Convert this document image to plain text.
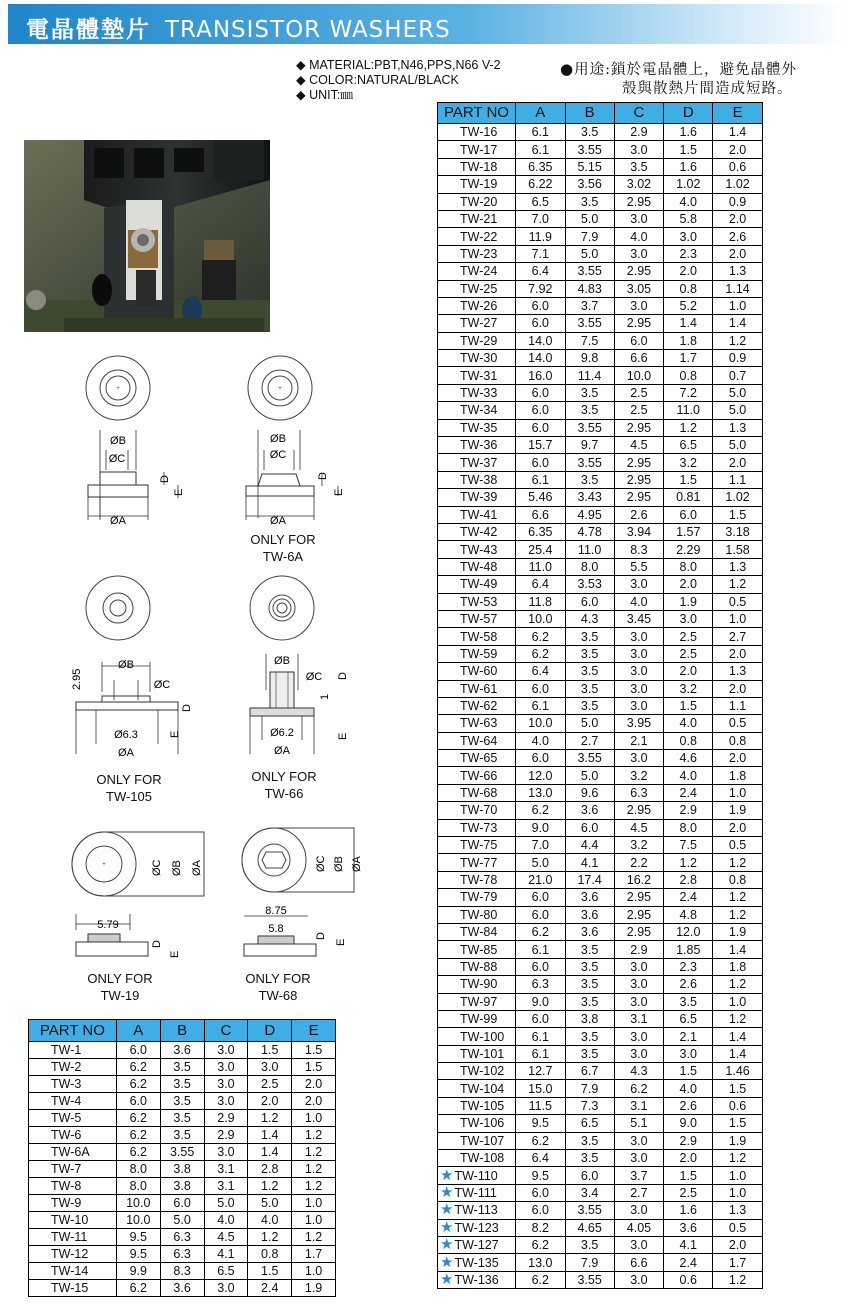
電晶體墊片 TRANSISTOR WASHERS
◆ MATERIAL:PBT,N46,PPS,N66 V-2
◆ COLOR:NATURAL/BLACK
◆ UNIT:㎜
●用途:鎖於電晶體上，避免晶體外
殼與散熱片間造成短路。
+
ØB
ØC
ØA
D
E
+
ØB
ØC
ØA
D
E
ONLY FOR
TW-6A
2.95
ØB
ØC
Ø6.3
ØA
D
E
ONLY FOR
TW-105
ØB
ØC
Ø6.2
ØA
D
1
E
ONLY FOR
TW-66
+	ØC ØB ØA
5.79
D
E
ONLY FOR
TW-19
ØC ØB ØA
8.75
5.8
D
E
ONLY FOR
TW-68
PART NO	A	B	C	D	E
TW-1	6.0	3.6	3.0	1.5	1.5
TW-2	6.2	3.5	3.0	3.0	1.5
TW-3	6.2	3.5	3.0	2.5	2.0
TW-4	6.0	3.5	3.0	2.0	2.0
TW-5	6.2	3.5	2.9	1.2	1.0
TW-6	6.2	3.5	2.9	1.4	1.2
TW-6A	6.2	3.55	3.0	1.4	1.2
TW-7	8.0	3.8	3.1	2.8	1.2
TW-8	8.0	3.8	3.1	1.2	1.2
TW-9	10.0	6.0	5.0	5.0	1.0
TW-10	10.0	5.0	4.0	4.0	1.0
TW-11	9.5	6.3	4.5	1.2	1.2
TW-12	9.5	6.3	4.1	0.8	1.7
TW-14	9.9	8.3	6.5	1.5	1.0
TW-15	6.2	3.6	3.0	2.4	1.9
PART NO	A	B	C	D	E
TW-16	6.1	3.5	2.9	1.6	1.4
TW-17	6.1	3.55	3.0	1.5	2.0
TW-18	6.35	5.15	3.5	1.6	0.6
TW-19	6.22	3.56	3.02	1.02	1.02
TW-20	6.5	3.5	2.95	4.0	0.9
TW-21	7.0	5.0	3.0	5.8	2.0
TW-22	11.9	7.9	4.0	3.0	2.6
TW-23	7.1	5.0	3.0	2.3	2.0
TW-24	6.4	3.55	2.95	2.0	1.3
TW-25	7.92	4.83	3.05	0.8	1.14
TW-26	6.0	3.7	3.0	5.2	1.0
TW-27	6.0	3.55	2.95	1.4	1.4
TW-29	14.0	7.5	6.0	1.8	1.2
TW-30	14.0	9.8	6.6	1.7	0.9
TW-31	16.0	11.4	10.0	0.8	0.7
TW-33	6.0	3.5	2.5	7.2	5.0
TW-34	6.0	3.5	2.5	11.0	5.0
TW-35	6.0	3.55	2.95	1.2	1.3
TW-36	15.7	9.7	4.5	6.5	5.0
TW-37	6.0	3.55	2.95	3.2	2.0
TW-38	6.1	3.5	2.95	1.5	1.1
TW-39	5.46	3.43	2.95	0.81	1.02
TW-41	6.6	4.95	2.6	6.0	1.5
TW-42	6.35	4.78	3.94	1.57	3.18
TW-43	25.4	11.0	8.3	2.29	1.58
TW-48	11.0	8.0	5.5	8.0	1.3
TW-49	6.4	3.53	3.0	2.0	1.2
TW-53	11.8	6.0	4.0	1.9	0.5
TW-57	10.0	4.3	3.45	3.0	1.0
TW-58	6.2	3.5	3.0	2.5	2.7
TW-59	6.2	3.5	3.0	2.5	2.0
TW-60	6.4	3.5	3.0	2.0	1.3
TW-61	6.0	3.5	3.0	3.2	2.0
TW-62	6.1	3.5	3.0	1.5	1.1
TW-63	10.0	5.0	3.95	4.0	0.5
TW-64	4.0	2.7	2.1	0.8	0.8
TW-65	6.0	3.55	3.0	4.6	2.0
TW-66	12.0	5.0	3.2	4.0	1.8
TW-68	13.0	9.6	6.3	2.4	1.0
TW-70	6.2	3.6	2.95	2.9	1.9
TW-73	9.0	6.0	4.5	8.0	2.0
TW-75	7.0	4.4	3.2	7.5	0.5
TW-77	5.0	4.1	2.2	1.2	1.2
TW-78	21.0	17.4	16.2	2.8	0.8
TW-79	6.0	3.6	2.95	2.4	1.2
TW-80	6.0	3.6	2.95	4.8	1.2
TW-84	6.2	3.6	2.95	12.0	1.9
TW-85	6.1	3.5	2.9	1.85	1.4
TW-88	6.0	3.5	3.0	2.3	1.8
TW-90	6.3	3.5	3.0	2.6	1.2
TW-97	9.0	3.5	3.0	3.5	1.0
TW-99	6.0	3.8	3.1	6.5	1.2
TW-100	6.1	3.5	3.0	2.1	1.4
TW-101	6.1	3.5	3.0	3.0	1.4
TW-102	12.7	6.7	4.3	1.5	1.46
TW-104	15.0	7.9	6.2	4.0	1.5
TW-105	11.5	7.3	3.1	2.6	0.6
TW-106	9.5	6.5	5.1	9.0	1.5
TW-107	6.2	3.5	3.0	2.9	1.9
TW-108	6.4	3.5	3.0	2.0	1.2
★TW-110	9.5	6.0	3.7	1.5	1.0
★TW-111	6.0	3.4	2.7	2.5	1.0
★TW-113	6.0	3.55	3.0	1.6	1.3
★TW-123	8.2	4.65	4.05	3.6	0.5
★TW-127	6.2	3.5	3.0	4.1	2.0
★TW-135	13.0	7.9	6.6	2.4	1.7
★TW-136	6.2	3.55	3.0	0.6	1.2
